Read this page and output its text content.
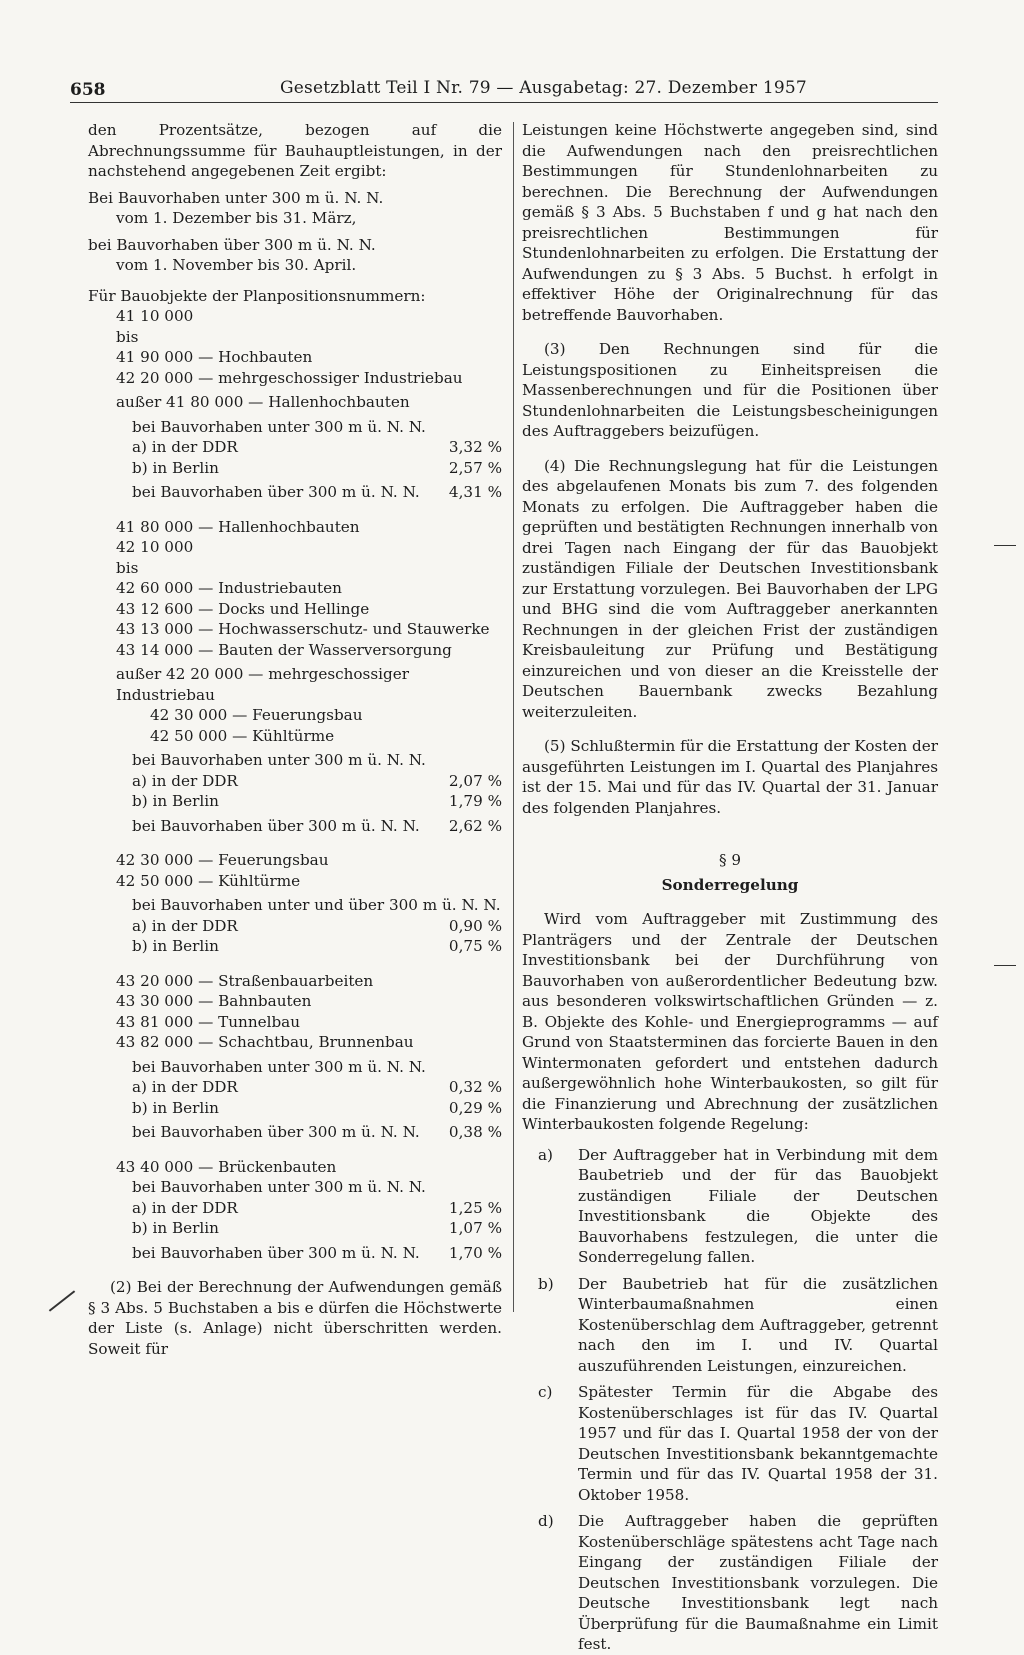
658	Gesetzblatt Teil I Nr. 79 — Ausgabetag: 27. Dezember 1957

den Prozentsätze, bezogen auf die Abrechnungssumme für Bauhauptleistungen, in der nachstehend angegebenen Zeit ergibt:

Bei Bauvorhaben unter 300 m ü. N. N.
vom 1. Dezember bis 31. März,
bei Bauvorhaben über 300 m ü. N. N.
vom 1. November bis 30. April.

Für Bauobjekte der Planpositionsnummern:

41 10 000
bis
41 90 000 — Hochbauten
42 20 000 — mehrgeschossiger Industriebau
außer 41 80 000 — Hallenhochbauten
bei Bauvorhaben unter 300 m ü. N. N.
a) in der DDR	3,32 %
b) in Berlin	2,57 %
bei Bauvorhaben über 300 m ü. N. N. 4,31 %
41 80 000 — Hallenhochbauten
42 10 000
bis
42 60 000 — Industriebauten
43 12 600 — Docks und Hellinge
43 13 000 — Hochwasserschutz- und Stauwerke
43 14 000 — Bauten der Wasserversorgung
außer 42 20 000 — mehrgeschossiger Industriebau
42 30 000 — Feuerungsbau
42 50 000 — Kühltürme
bei Bauvorhaben unter 300 m ü. N. N.
a) in der DDR	2,07 %
b) in Berlin	1,79 %
bei Bauvorhaben über 300 m ü. N. N. 2,62 %
42 30 000 — Feuerungsbau
42 50 000 — Kühltürme
bei Bauvorhaben unter und über 300 m ü. N. N.
a) in der DDR	0,90 %
b) in Berlin	0,75 %
43 20 000 — Straßenbauarbeiten
43 30 000 — Bahnbauten
43 81 000 — Tunnelbau
43 82 000 — Schachtbau, Brunnenbau
bei Bauvorhaben unter 300 m ü. N. N.
a) in der DDR	0,32 %
b) in Berlin	0,29 %
bei Bauvorhaben über 300 m ü. N. N. 0,38 %
43 40 000 — Brückenbauten
bei Bauvorhaben unter 300 m ü. N. N.
a) in der DDR	1,25 %
b) in Berlin	1,07 %
bei Bauvorhaben über 300 m ü. N. N. 1,70 %

(2) Bei der Berechnung der Aufwendungen gemäß § 3 Abs. 5 Buchstaben a bis e dürfen die Höchstwerte der Liste (s. Anlage) nicht überschritten werden. Soweit für

Leistungen keine Höchstwerte angegeben sind, sind die Aufwendungen nach den preisrechtlichen Bestimmungen für Stundenlohnarbeiten zu berechnen. Die Berechnung der Aufwendungen gemäß § 3 Abs. 5 Buchstaben f und g hat nach den preisrechtlichen Bestimmungen für Stundenlohnarbeiten zu erfolgen. Die Erstattung der Aufwendungen zu § 3 Abs. 5 Buchst. h erfolgt in effektiver Höhe der Originalrechnung für das betreffende Bauvorhaben.

(3) Den Rechnungen sind für die Leistungspositionen zu Einheitspreisen die Massenberechnungen und für die Positionen über Stundenlohnarbeiten die Leistungsbescheinigungen des Auftraggebers beizufügen.

(4) Die Rechnungslegung hat für die Leistungen des abgelaufenen Monats bis zum 7. des folgenden Monats zu erfolgen. Die Auftraggeber haben die geprüften und bestätigten Rechnungen innerhalb von drei Tagen nach Eingang der für das Bauobjekt zuständigen Filiale der Deutschen Investitionsbank zur Erstattung vorzulegen. Bei Bauvorhaben der LPG und BHG sind die vom Auftraggeber anerkannten Rechnungen in der gleichen Frist der zuständigen Kreisbauleitung zur Prüfung und Bestätigung einzureichen und von dieser an die Kreisstelle der Deutschen Bauernbank zwecks Bezahlung weiterzuleiten.

(5) Schlußtermin für die Erstattung der Kosten der ausgeführten Leistungen im I. Quartal des Planjahres ist der 15. Mai und für das IV. Quartal der 31. Januar des folgenden Planjahres.

§ 9

Sonderregelung

Wird vom Auftraggeber mit Zustimmung des Planträgers und der Zentrale der Deutschen Investitionsbank bei der Durchführung von Bauvorhaben von außerordentlicher Bedeutung bzw. aus besonderen volkswirtschaftlichen Gründen — z. B. Objekte des Kohle- und Energieprogramms — auf Grund von Staatsterminen das forcierte Bauen in den Wintermonaten gefordert und entstehen dadurch außergewöhnlich hohe Winterbaukosten, so gilt für die Finanzierung und Abrechnung der zusätzlichen Winterbaukosten folgende Regelung:

a)	Der Auftraggeber hat in Verbindung mit dem Baubetrieb und der für das Bauobjekt zuständigen Filiale der Deutschen Investitionsbank die Objekte des Bauvorhabens festzulegen, die unter die Sonderregelung fallen.
b)	Der Baubetrieb hat für die zusätzlichen Winterbaumaßnahmen einen Kostenüberschlag dem Auftraggeber, getrennt nach den im I. und IV. Quartal auszuführenden Leistungen, einzureichen.
c)	Spätester Termin für die Abgabe des Kostenüberschlages ist für das IV. Quartal 1957 und für das I. Quartal 1958 der von der Deutschen Investitionsbank bekanntgemachte Termin und für das IV. Quartal 1958 der 31. Oktober 1958.
d)	Die Auftraggeber haben die geprüften Kostenüberschläge spätestens acht Tage nach Eingang der zuständigen Filiale der Deutschen Investitionsbank vorzulegen. Die Deutsche Investitionsbank legt nach Überprüfung für die Baumaßnahme ein Limit fest.
